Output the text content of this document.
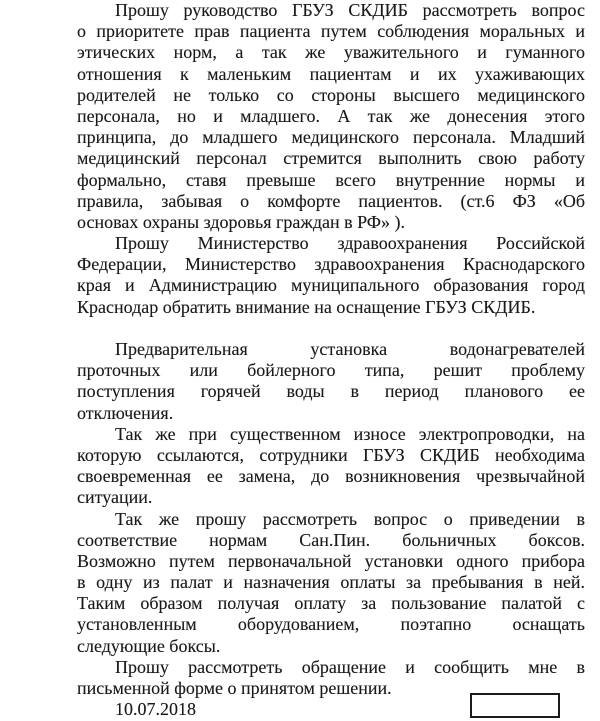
Прошу руководство ГБУЗ СКДИБ рассмотреть вопрос
о приоритете прав пациента путем соблюдения моральных и
этических норм, а так же уважительного и гуманного
отношения к маленьким пациентам и их ухаживающих
родителей не только со стороны высшего медицинского
персонала, но и младшего. А так же донесения этого
принципа, до младшего медицинского персонала. Младший
медицинский персонал стремится выполнить свою работу
формально, ставя превыше всего внутренние нормы и
правила, забывая о комфорте пациентов. (ст.6 ФЗ «Об
основах охраны здоровья граждан в РФ» ).
Прошу Министерство здравоохранения Российской
Федерации, Министерство здравоохранения Краснодарского
края и Администрацию муниципального образования город
Краснодар обратить внимание на оснащение ГБУЗ СКДИБ.
Предварительная установка водонагревателей
проточных или бойлерного типа, решит проблему
поступления горячей воды в период планового ее
отключения.
Так же при существенном износе электропроводки, на
которую ссылаются, сотрудники ГБУЗ СКДИБ необходима
своевременная ее замена, до возникновения чрезвычайной
ситуации.
Так же прошу рассмотреть вопрос о приведении в
соответствие нормам Сан.Пин. больничных боксов.
Возможно путем первоначальной установки одного прибора
в одну из палат и назначения оплаты за пребывания в ней.
Таким образом получая оплату за пользование палатой с
установленным оборудованием, поэтапно оснащать
следующие боксы.
Прошу рассмотреть обращение и сообщить мне в
письменной форме о принятом решении.
10.07.2018
